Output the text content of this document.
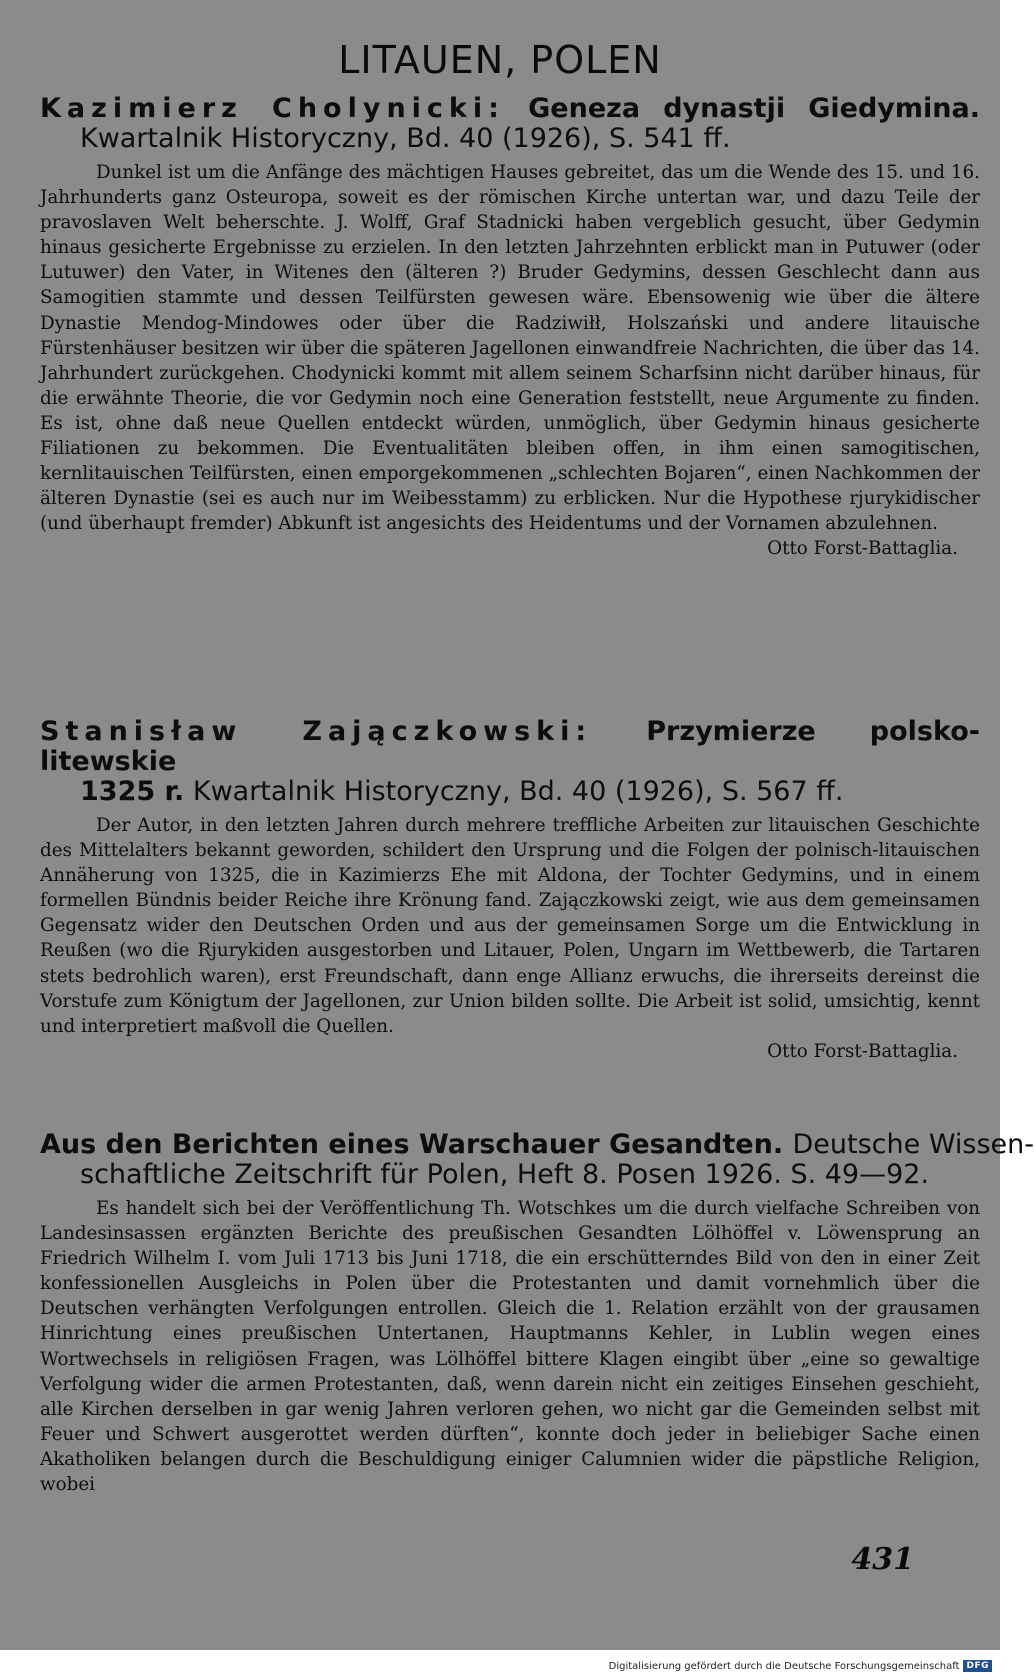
LITAUEN, POLEN
Kazimierz Cholynicki: Geneza dynastji Giedymina.
Kwartalnik Historyczny, Bd. 40 (1926), S. 541 ff.
Dunkel ist um die Anfänge des mächtigen Hauses gebreitet, das um die Wende des 15. und 16. Jahrhunderts ganz Osteuropa, soweit es der römischen Kirche untertan war, und dazu Teile der pravoslaven Welt beherschte. J. Wolff, Graf Stadnicki haben vergeblich gesucht, über Gedymin hinaus gesicherte Ergebnisse zu erzielen. In den letzten Jahrzehnten erblickt man in Putuwer (oder Lutuwer) den Vater, in Witenes den (älteren ?) Bruder Gedymins, dessen Geschlecht dann aus Samogitien stammte und dessen Teilfürsten gewesen wäre. Ebensowenig wie über die ältere Dynastie Mendog-Mindowes oder über die Radziwiłł, Holszański und andere litauische Fürstenhäuser besitzen wir über die späteren Jagellonen einwandfreie Nachrichten, die über das 14. Jahrhundert zurückgehen. Chodynicki kommt mit allem seinem Scharfsinn nicht darüber hinaus, für die erwähnte Theorie, die vor Gedymin noch eine Generation feststellt, neue Argumente zu finden. Es ist, ohne daß neue Quellen entdeckt würden, unmöglich, über Gedymin hinaus gesicherte Filiationen zu bekommen. Die Eventualitäten bleiben offen, in ihm einen samogitischen, kernlitauischen Teilfürsten, einen emporgekommenen „schlechten Bojaren“, einen Nachkommen der älteren Dynastie (sei es auch nur im Weibesstamm) zu erblicken. Nur die Hypothese rjurykidischer (und überhaupt fremder) Abkunft ist angesichts des Heidentums und der Vornamen abzulehnen.
Otto Forst-Battaglia.
Stanisław Zajączkowski: Przymierze polsko-litewskie
1325 r. Kwartalnik Historyczny, Bd. 40 (1926), S. 567 ff.
Der Autor, in den letzten Jahren durch mehrere treffliche Arbeiten zur litauischen Geschichte des Mittelalters bekannt geworden, schildert den Ursprung und die Folgen der polnisch-litauischen Annäherung von 1325, die in Kazimierzs Ehe mit Aldona, der Tochter Gedymins, und in einem formellen Bündnis beider Reiche ihre Krönung fand. Zajączkowski zeigt, wie aus dem gemeinsamen Gegensatz wider den Deutschen Orden und aus der gemeinsamen Sorge um die Entwicklung in Reußen (wo die Rjurykiden ausgestorben und Litauer, Polen, Ungarn im Wettbewerb, die Tartaren stets bedrohlich waren), erst Freundschaft, dann enge Allianz erwuchs, die ihrerseits dereinst die Vorstufe zum Königtum der Jagellonen, zur Union bilden sollte. Die Arbeit ist solid, umsichtig, kennt und interpretiert maßvoll die Quellen.
Otto Forst-Battaglia.
Aus den Berichten eines Warschauer Gesandten. Deutsche Wissen-
schaftliche Zeitschrift für Polen, Heft 8. Posen 1926. S. 49—92.
Es handelt sich bei der Veröffentlichung Th. Wotschkes um die durch vielfache Schreiben von Landesinsassen ergänzten Berichte des preußischen Gesandten Lölhöffel v. Löwensprung an Friedrich Wilhelm I. vom Juli 1713 bis Juni 1718, die ein erschütterndes Bild von den in einer Zeit konfessionellen Ausgleichs in Polen über die Protestanten und damit vornehmlich über die Deutschen verhängten Verfolgungen entrollen. Gleich die 1. Relation erzählt von der grausamen Hinrichtung eines preußischen Untertanen, Hauptmanns Kehler, in Lublin wegen eines Wortwechsels in religiösen Fragen, was Lölhöffel bittere Klagen eingibt über „eine so gewaltige Verfolgung wider die armen Protestanten, daß, wenn darein nicht ein zeitiges Einsehen geschieht, alle Kirchen derselben in gar wenig Jahren verloren gehen, wo nicht gar die Gemeinden selbst mit Feuer und Schwert ausgerottet werden dürften“, konnte doch jeder in beliebiger Sache einen Akatholiken belangen durch die Beschuldigung einiger Calumnien wider die päpstliche Religion, wobei
431
Digitalisierung gefördert durch die Deutsche Forschungsgemeinschaft DFG
